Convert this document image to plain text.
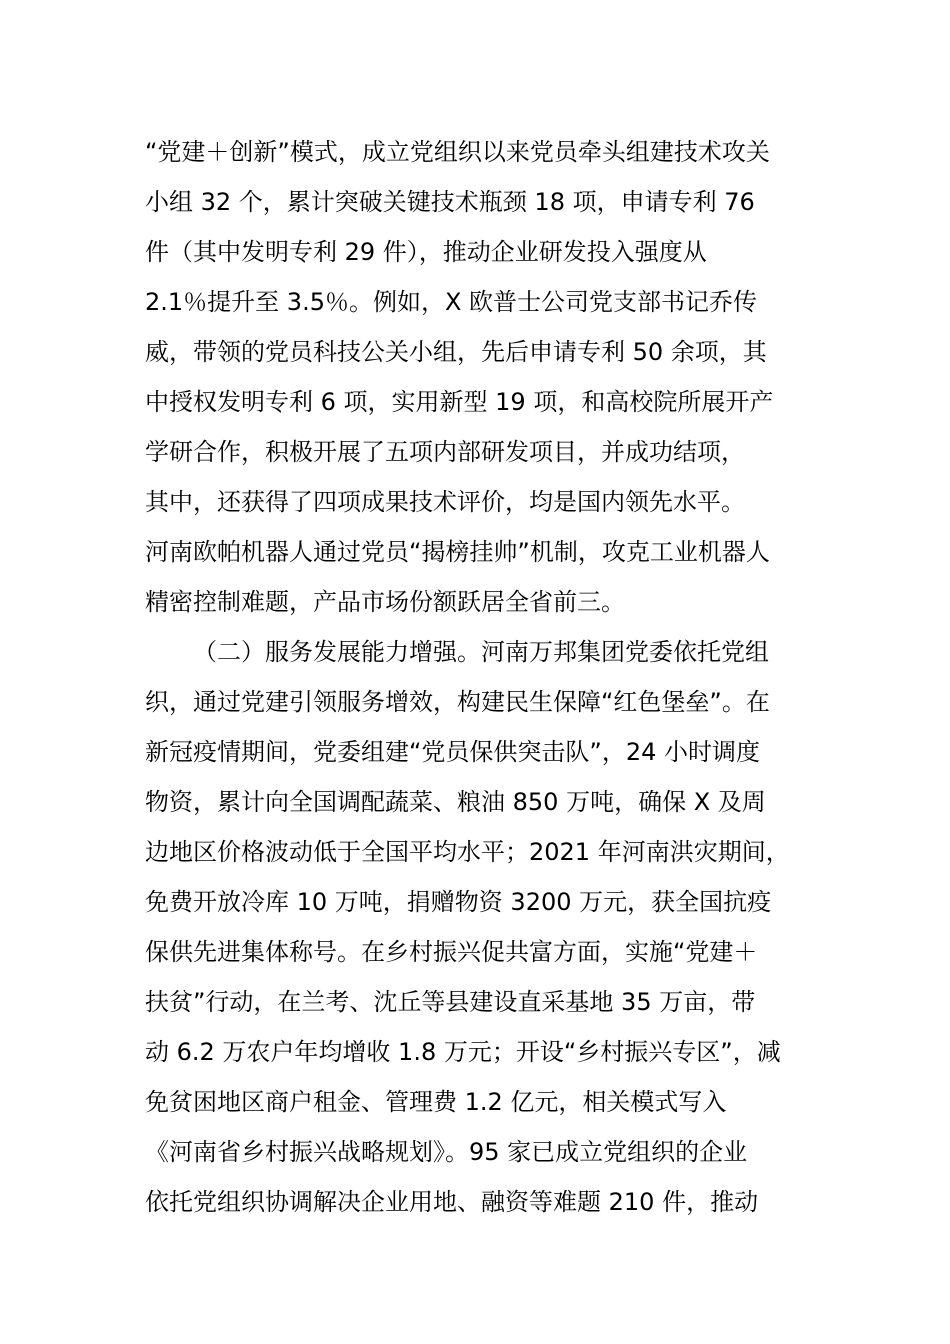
“党建＋创新”模式，成立党组织以来党员牵头组建技术攻关
小组 32 个，累计突破关键技术瓶颈 18 项，申请专利 76
件（其中发明专利 29 件），推动企业研发投入强度从
2.1％提升至 3.5％。例如，X 欧普士公司党支部书记乔传
威，带领的党员科技公关小组，先后申请专利 50 余项，其
中授权发明专利 6 项，实用新型 19 项，和高校院所展开产
学研合作，积极开展了五项内部研发项目，并成功结项，
其中，还获得了四项成果技术评价，均是国内领先水平。
河南欧帕机器人通过党员“揭榜挂帅”机制，攻克工业机器人
精密控制难题，产品市场份额跃居全省前三。
（二）服务发展能力增强。河南万邦集团党委依托党组
织，通过党建引领服务增效，构建民生保障“红色堡垒”。在
新冠疫情期间，党委组建“党员保供突击队”，24 小时调度
物资，累计向全国调配蔬菜、粮油 850 万吨，确保 X 及周
边地区价格波动低于全国平均水平；2021 年河南洪灾期间，
免费开放冷库 10 万吨，捐赠物资 3200 万元，获全国抗疫
保供先进集体称号。在乡村振兴促共富方面，实施“党建＋
扶贫”行动，在兰考、沈丘等县建设直采基地 35 万亩，带
动 6.2 万农户年均增收 1.8 万元；开设“乡村振兴专区”，减
免贫困地区商户租金、管理费 1.2 亿元，相关模式写入
《河南省乡村振兴战略规划》。95 家已成立党组织的企业
依托党组织协调解决企业用地、融资等难题 210 件，推动
